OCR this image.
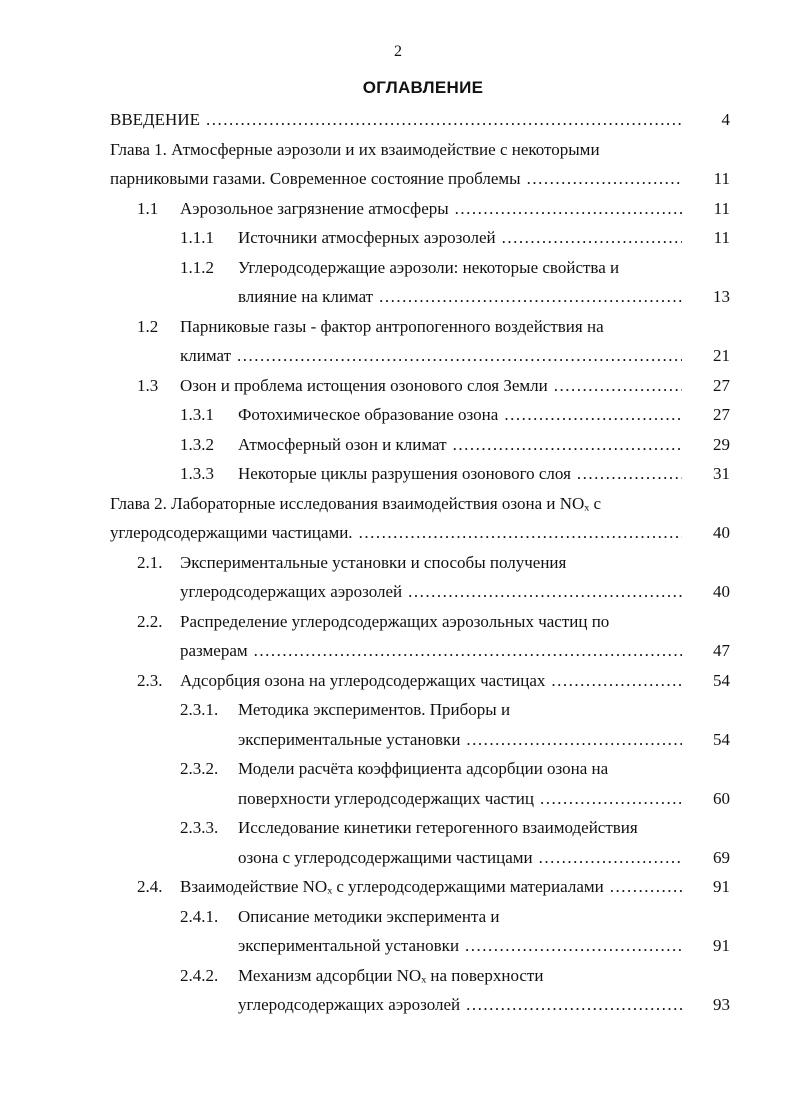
2
ОГЛАВЛЕНИЕ
ВВЕДЕНИЕ .....	4
Глава 1. Атмосферные аэрозоли и их взаимодействие с некоторыми
парниковыми газами. Современное состояние проблемы .....	11
1.1 Аэрозольное загрязнение атмосферы .....	11
1.1.1 Источники атмосферных аэрозолей .....	11
1.1.2 Углеродсодержащие аэрозоли: некоторые свойства и
влияние на климат .....	13
1.2 Парниковые газы - фактор антропогенного воздействия на
климат .....	21
1.3 Озон и проблема истощения озонового слоя Земли .....	27
1.3.1 Фотохимическое образование озона .....	27
1.3.2 Атмосферный озон и климат .....	29
1.3.3 Некоторые циклы разрушения озонового слоя .....	31
Глава 2. Лабораторные исследования взаимодействия озона и NOₓ с
углеродсодержащими частицами. .....	40
2.1. Экспериментальные установки и способы получения
углеродсодержащих аэрозолей .....	40
2.2. Распределение углеродсодержащих аэрозольных частиц по
размерам .....	47
2.3. Адсорбция озона на углеродсодержащих частицах .....	54
2.3.1. Методика экспериментов. Приборы и
экспериментальные установки .....	54
2.3.2. Модели расчёта коэффициента адсорбции озона на
поверхности углеродсодержащих частиц .....	60
2.3.3. Исследование кинетики гетерогенного взаимодействия
озона с углеродсодержащими частицами .....	69
2.4. Взаимодействие NOₓ с углеродсодержащими материалами .....	91
2.4.1. Описание методики эксперимента и
экспериментальной установки .....	91
2.4.2. Механизм адсорбции NOₓ на поверхности
углеродсодержащих аэрозолей .....	93
